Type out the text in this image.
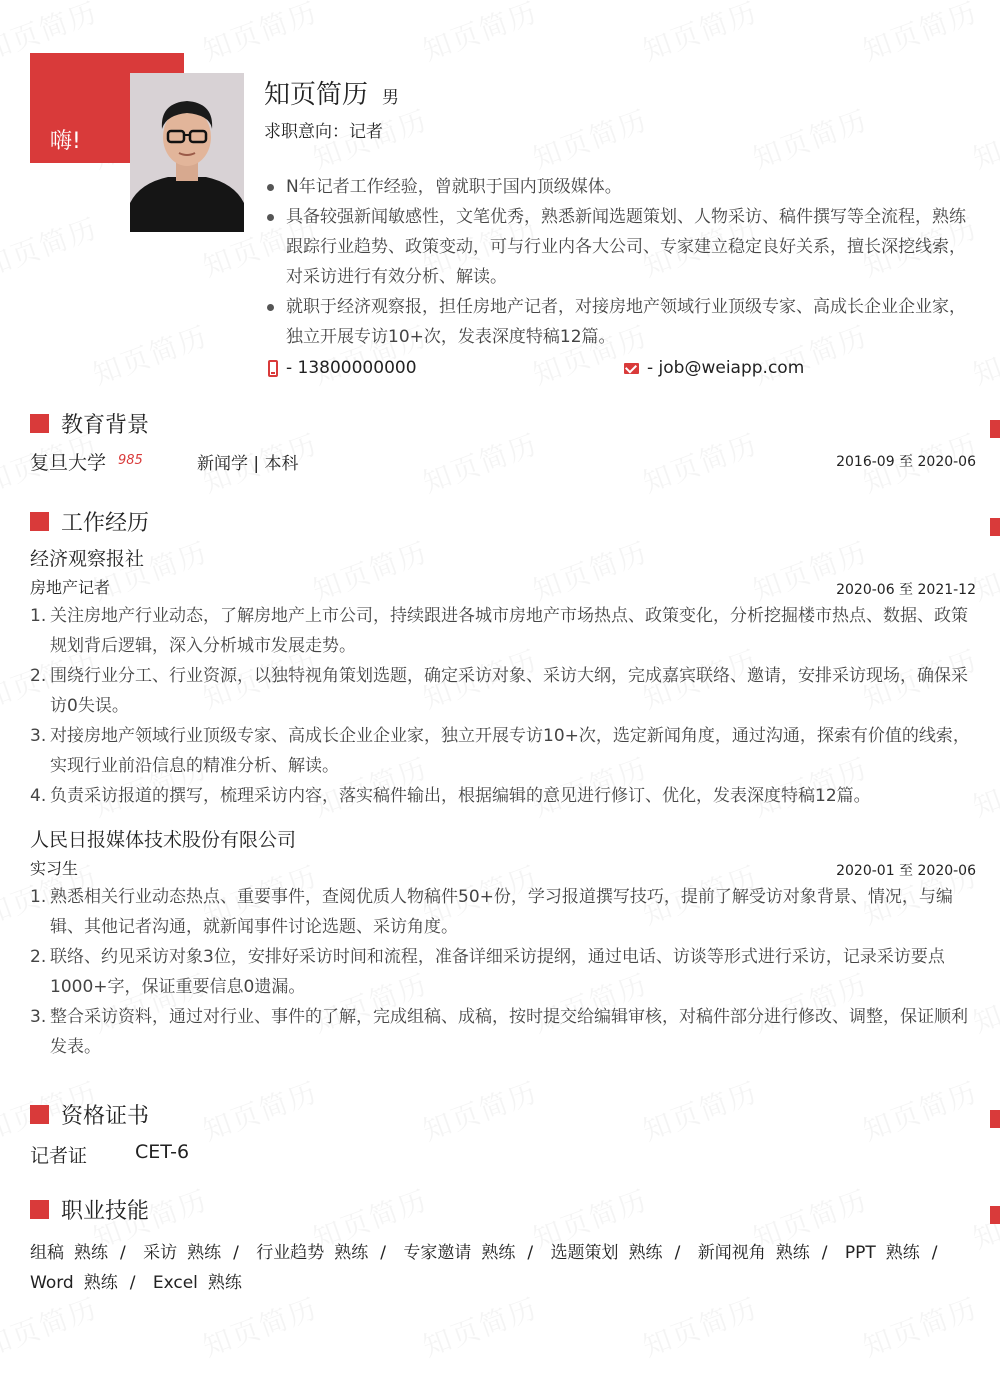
嗨!
知页简历 男
求职意向：记者
N年记者工作经验，曾就职于国内顶级媒体。
具备较强新闻敏感性，文笔优秀，熟悉新闻选题策划、人物采访、稿件撰写等全流程，熟练跟踪行业趋势、政策变动，可与行业内各大公司、专家建立稳定良好关系，擅长深挖线索，对采访进行有效分析、解读。
就职于经济观察报，担任房地产记者，对接房地产领域行业顶级专家、高成长企业企业家，独立开展专访10+次，发表深度特稿12篇。
- 13800000000	- job@weiapp.com
教育背景
复旦大学 985	新闻学 | 本科	2016-09 至 2020-06
工作经历
经济观察报社
房地产记者	2020-06 至 2021-12
1. 关注房地产行业动态，了解房地产上市公司，持续跟进各城市房地产市场热点、政策变化，分析挖掘楼市热点、数据、政策规划背后逻辑，深入分析城市发展走势。
2. 围绕行业分工、行业资源，以独特视角策划选题，确定采访对象、采访大纲，完成嘉宾联络、邀请，安排采访现场，确保采访0失误。
3. 对接房地产领域行业顶级专家、高成长企业企业家，独立开展专访10+次，选定新闻角度，通过沟通，探索有价值的线索，实现行业前沿信息的精准分析、解读。
4. 负责采访报道的撰写，梳理采访内容，落实稿件输出，根据编辑的意见进行修订、优化，发表深度特稿12篇。
人民日报媒体技术股份有限公司
实习生	2020-01 至 2020-06
1. 熟悉相关行业动态热点、重要事件，查阅优质人物稿件50+份，学习报道撰写技巧，提前了解受访对象背景、情况，与编辑、其他记者沟通，就新闻事件讨论选题、采访角度。
2. 联络、约见采访对象3位，安排好采访时间和流程，准备详细采访提纲，通过电话、访谈等形式进行采访，记录采访要点1000+字，保证重要信息0遗漏。
3. 整合采访资料，通过对行业、事件的了解，完成组稿、成稿，按时提交给编辑审核，对稿件部分进行修改、调整，保证顺利发表。
资格证书
记者证	CET-6
职业技能
组稿 熟练 / 采访 熟练 / 行业趋势 熟练 / 专家邀请 熟练 / 选题策划 熟练 / 新闻视角 熟练 / PPT 熟练 / Word 熟练 / Excel 熟练
